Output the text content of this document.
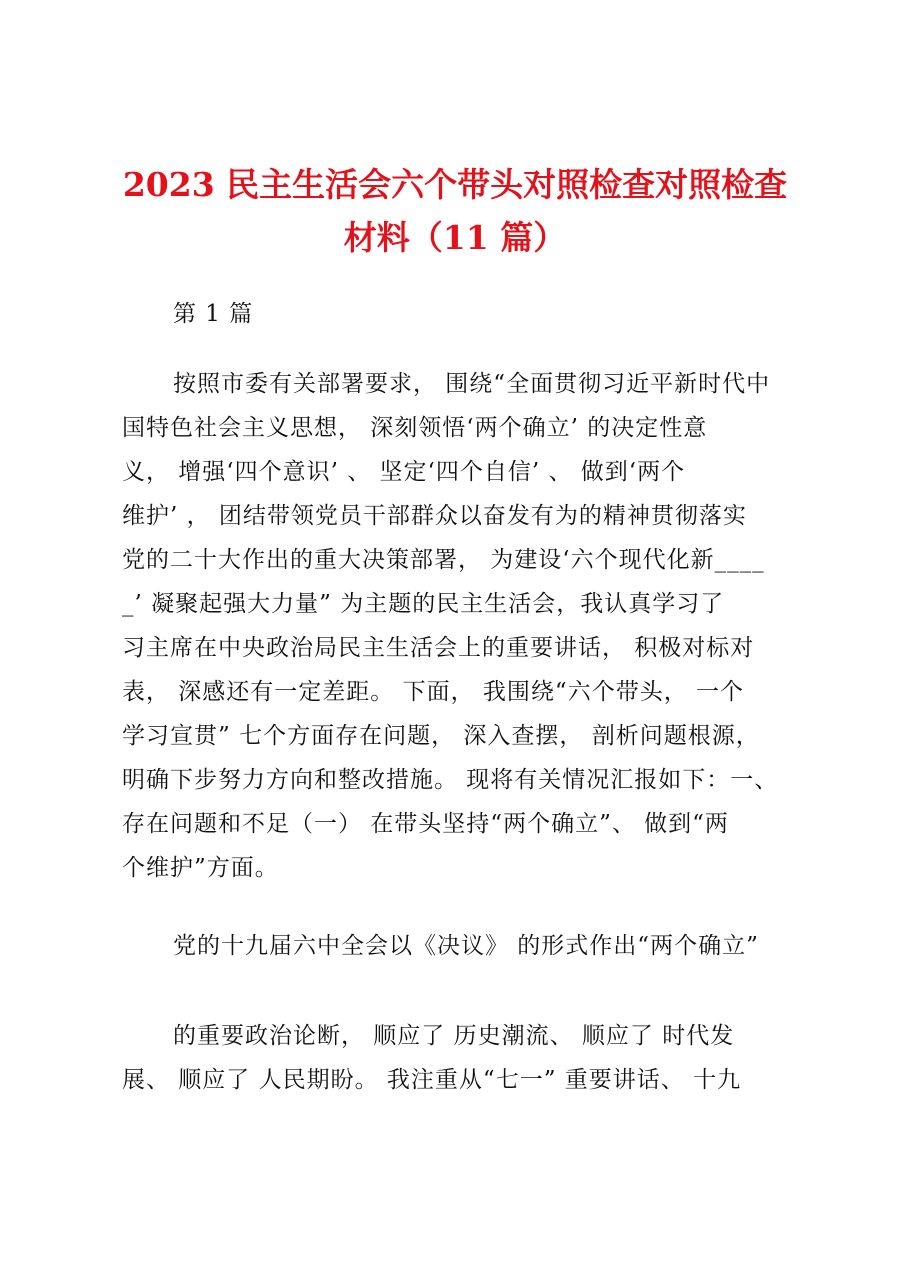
2023 民主生活会六个带头对照检查对照检查
材料（11 篇）
第 1 篇
按照市委有关部署要求， 围绕“全面贯彻习近平新时代中
国特色社会主义思想， 深刻领悟‘两个确立’ 的决定性意
义， 增强‘四个意识’ 、 坚定‘四个自信’ 、 做到‘两个
维护’ ， 团结带领党员干部群众以奋发有为的精神贯彻落实
党的二十大作出的重大决策部署， 为建设‘六个现代化新____
_’ 凝聚起强大力量” 为主题的民主生活会，我认真学习了
习主席在中央政治局民主生活会上的重要讲话， 积极对标对
表， 深感还有一定差距。 下面， 我围绕“六个带头， 一个
学习宣贯” 七个方面存在问题， 深入查摆， 剖析问题根源，
明确下步努力方向和整改措施。 现将有关情况汇报如下：一、
存在问题和不足（一） 在带头坚持“两个确立”、 做到“两
个维护”方面。
党的十九届六中全会以《决议》 的形式作出“两个确立”
的重要政治论断， 顺应了 历史潮流、 顺应了 时代发
展、 顺应了 人民期盼。 我注重从“七一” 重要讲话、 十九
